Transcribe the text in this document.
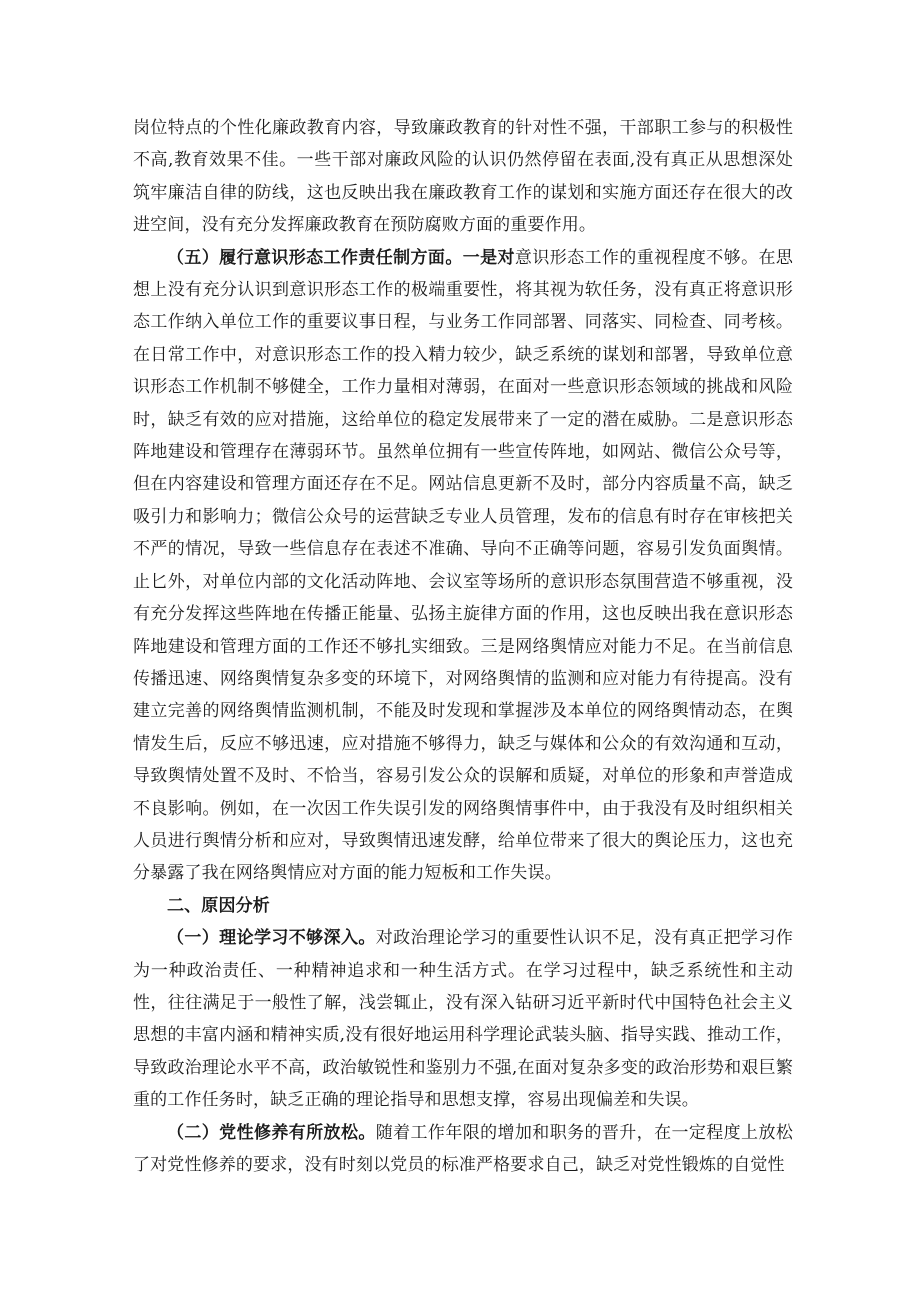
岗位特点的个性化廉政教育内容，导致廉政教育的针对性不强，干部职工参与的积极性不高,教育效果不佳。一些干部对廉政风险的认识仍然停留在表面,没有真正从思想深处筑牢廉洁自律的防线，这也反映出我在廉政教育工作的谋划和实施方面还存在很大的改进空间，没有充分发挥廉政教育在预防腐败方面的重要作用。

（五）履行意识形态工作责任制方面。一是对意识形态工作的重视程度不够。在思想上没有充分认识到意识形态工作的极端重要性，将其视为软任务，没有真正将意识形态工作纳入单位工作的重要议事日程，与业务工作同部署、同落实、同检查、同考核。在日常工作中，对意识形态工作的投入精力较少，缺乏系统的谋划和部署，导致单位意识形态工作机制不够健全，工作力量相对薄弱，在面对一些意识形态领域的挑战和风险时，缺乏有效的应对措施，这给单位的稳定发展带来了一定的潜在威胁。二是意识形态阵地建设和管理存在薄弱环节。虽然单位拥有一些宣传阵地，如网站、微信公众号等，但在内容建设和管理方面还存在不足。网站信息更新不及时，部分内容质量不高，缺乏吸引力和影响力；微信公众号的运营缺乏专业人员管理，发布的信息有时存在审核把关不严的情况，导致一些信息存在表述不准确、导向不正确等问题，容易引发负面舆情。止匕外，对单位内部的文化活动阵地、会议室等场所的意识形态氛围营造不够重视，没有充分发挥这些阵地在传播正能量、弘扬主旋律方面的作用，这也反映出我在意识形态阵地建设和管理方面的工作还不够扎实细致。三是网络舆情应对能力不足。在当前信息传播迅速、网络舆情复杂多变的环境下，对网络舆情的监测和应对能力有待提高。没有建立完善的网络舆情监测机制，不能及时发现和掌握涉及本单位的网络舆情动态，在舆情发生后，反应不够迅速，应对措施不够得力，缺乏与媒体和公众的有效沟通和互动，导致舆情处置不及时、不恰当，容易引发公众的误解和质疑，对单位的形象和声誉造成不良影响。例如，在一次因工作失误引发的网络舆情事件中，由于我没有及时组织相关人员进行舆情分析和应对，导致舆情迅速发酵，给单位带来了很大的舆论压力，这也充分暴露了我在网络舆情应对方面的能力短板和工作失误。

二、原因分析

（一）理论学习不够深入。对政治理论学习的重要性认识不足，没有真正把学习作为一种政治责任、一种精神追求和一种生活方式。在学习过程中，缺乏系统性和主动性，往往满足于一般性了解，浅尝辄止，没有深入钻研习近平新时代中国特色社会主义思想的丰富内涵和精神实质,没有很好地运用科学理论武装头脑、指导实践、推动工作，导致政治理论水平不高，政治敏锐性和鉴别力不强,在面对复杂多变的政治形势和艰巨繁重的工作任务时，缺乏正确的理论指导和思想支撑，容易出现偏差和失误。

（二）党性修养有所放松。随着工作年限的增加和职务的晋升，在一定程度上放松了对党性修养的要求，没有时刻以党员的标准严格要求自己，缺乏对党性锻炼的自觉性
